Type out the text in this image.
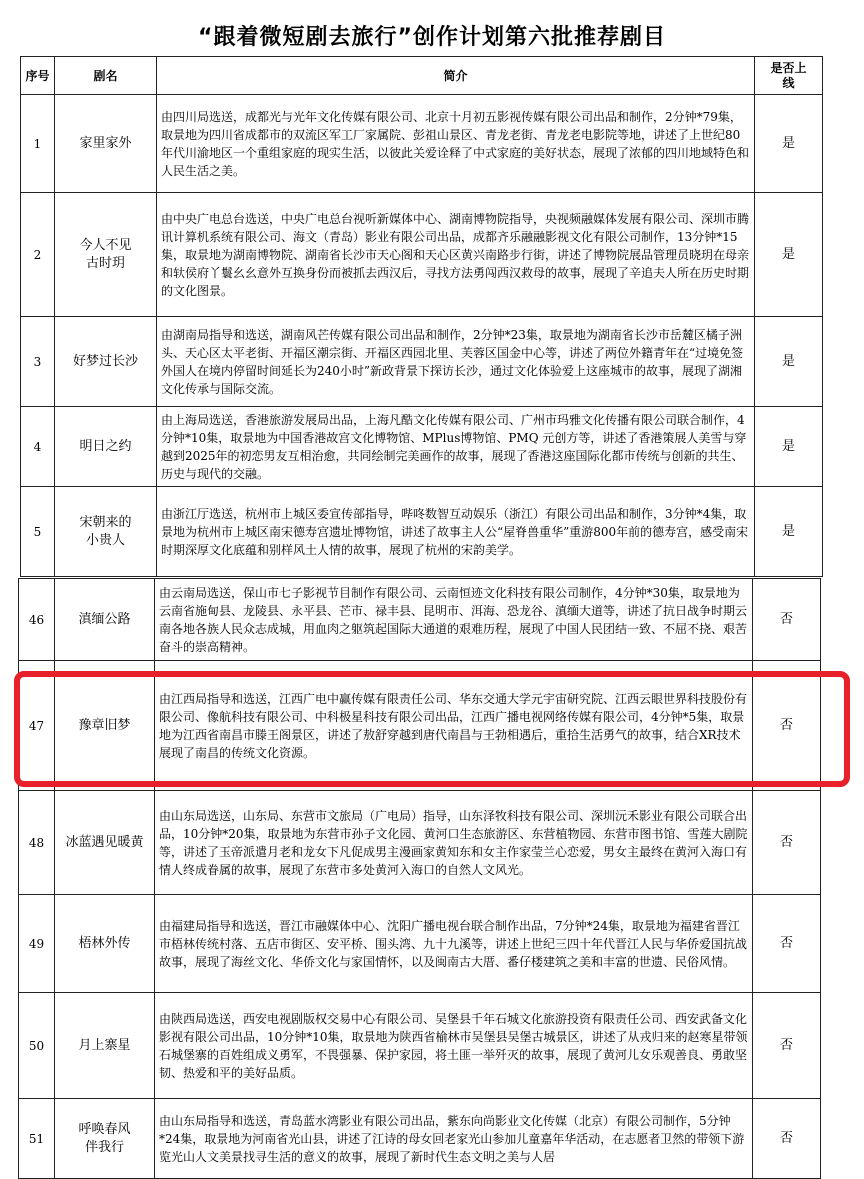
“跟着微短剧去旅行”创作计划第六批推荐剧目
序号	剧名	简介	是否上线
1	家里家外	由四川局选送，成都光与光年文化传媒有限公司、北京十月初五影视传媒有限公司出品和制作，2分钟*79集，取景地为四川省成都市的双流区军工厂家属院、彭祖山景区、青龙老街、青龙老电影院等地，讲述了上世纪80年代川渝地区一个重组家庭的现实生活，以彼此关爱诠释了中式家庭的美好状态，展现了浓郁的四川地域特色和人民生活之美。	是
2	今人不见古时玥	由中央广电总台选送，中央广电总台视听新媒体中心、湖南博物院指导，央视频融媒体发展有限公司、深圳市腾讯计算机系统有限公司、海文（青岛）影业有限公司出品，成都齐乐融融影视文化有限公司制作，13分钟*15集，取景地为湖南博物院、湖南省长沙市天心阁和天心区黄兴南路步行街，讲述了博物院展品管理员晓玥在母亲和轪侯府丫鬟幺幺意外互换身份而被抓去西汉后，寻找方法勇闯西汉救母的故事，展现了辛追夫人所在历史时期的文化图景。	是
3	好梦过长沙	由湖南局指导和选送，湖南风芒传媒有限公司出品和制作，2分钟*23集，取景地为湖南省长沙市岳麓区橘子洲头、天心区太平老街、开福区潮宗街、开福区西园北里、芙蓉区国金中心等，讲述了两位外籍青年在“过境免签外国人在境内停留时间延长为240小时”新政背景下探访长沙，通过文化体验爱上这座城市的故事，展现了湖湘文化传承与国际交流。	是
4	明日之约	由上海局选送，香港旅游发展局出品，上海凡酷文化传媒有限公司、广州市玛雅文化传播有限公司联合制作，4分钟*10集，取景地为中国香港故宫文化博物馆、MPlus博物馆、PMQ 元创方等，讲述了香港策展人美雪与穿越到2025年的初恋男友互相治愈，共同绘制完美画作的故事，展现了香港这座国际化都市传统与创新的共生、历史与现代的交融。	是
5	宋朝来的小贵人	由浙江厅选送，杭州市上城区委宣传部指导，哔咚数智互动娱乐（浙江）有限公司出品和制作，3分钟*4集，取景地为杭州市上城区南宋德寿宫遗址博物馆，讲述了故事主人公“屋脊兽重华”重游800年前的德寿宫，感受南宋时期深厚文化底蕴和别样风土人情的故事，展现了杭州的宋韵美学。	是
46	滇缅公路	由云南局选送，保山市七子影视节目制作有限公司、云南恒迹文化科技有限公司制作，4分钟*30集，取景地为云南省施甸县、龙陵县、永平县、芒市、禄丰县、昆明市、洱海、恐龙谷、滇缅大道等，讲述了抗日战争时期云南各地各族人民众志成城，用血肉之躯筑起国际大通道的艰难历程，展现了中国人民团结一致、不屈不挠、艰苦奋斗的崇高精神。	否
47	豫章旧梦	由江西局指导和选送，江西广电中赢传媒有限责任公司、华东交通大学元宇宙研究院、江西云眼世界科技股份有限公司、像航科技有限公司、中科极星科技有限公司出品，江西广播电视网络传媒有限公司，4分钟*5集，取景地为江西省南昌市滕王阁景区，讲述了敖舒穿越到唐代南昌与王勃相遇后，重拾生活勇气的故事，结合XR技术展现了南昌的传统文化资源。	否
48	冰蓝遇见暖黄	由山东局选送，山东局、东营市文旅局（广电局）指导，山东泽牧科技有限公司、深圳沅禾影业有限公司联合出品，10分钟*20集，取景地为东营市孙子文化园、黄河口生态旅游区、东营植物园、东营市图书馆、雪莲大剧院等，讲述了玉帝派遣月老和龙女下凡促成男主漫画家黄知东和女主作家莹兰心恋爱，男女主最终在黄河入海口有情人终成眷属的故事，展现了东营市多处黄河入海口的自然人文风光。	否
49	梧林外传	由福建局指导和选送，晋江市融媒体中心、沈阳广播电视台联合制作出品，7分钟*24集，取景地为福建省晋江市梧林传统村落、五店市街区、安平桥、围头湾、九十九溪等，讲述上世纪三四十年代晋江人民与华侨爱国抗战故事，展现了海丝文化、华侨文化与家国情怀，以及闽南古大厝、番仔楼建筑之美和丰富的世遗、民俗风情。	否
50	月上寨星	由陕西局选送，西安电视剧版权交易中心有限公司、吴堡县千年石城文化旅游投资有限责任公司、西安武备文化影视有限公司出品，10分钟*10集，取景地为陕西省榆林市吴堡县吴堡古城景区，讲述了从戎归来的赵寒星带领石城堡寨的百姓组成义勇军，不畏强暴、保护家园，将土匪一举歼灭的故事，展现了黄河儿女乐观善良、勇敢坚韧、热爱和平的美好品质。	否
51	呼唤春风伴我行	由山东局指导和选送，青岛蓝水湾影业有限公司出品，紫东向尚影业文化传媒（北京）有限公司制作，5分钟*24集，取景地为河南省光山县，讲述了江诗的母女回老家光山参加儿童嘉年华活动，在志愿者卫然的带领下游览光山人文美景找寻生活的意义的故事，展现了新时代生态文明之美与人居	否
